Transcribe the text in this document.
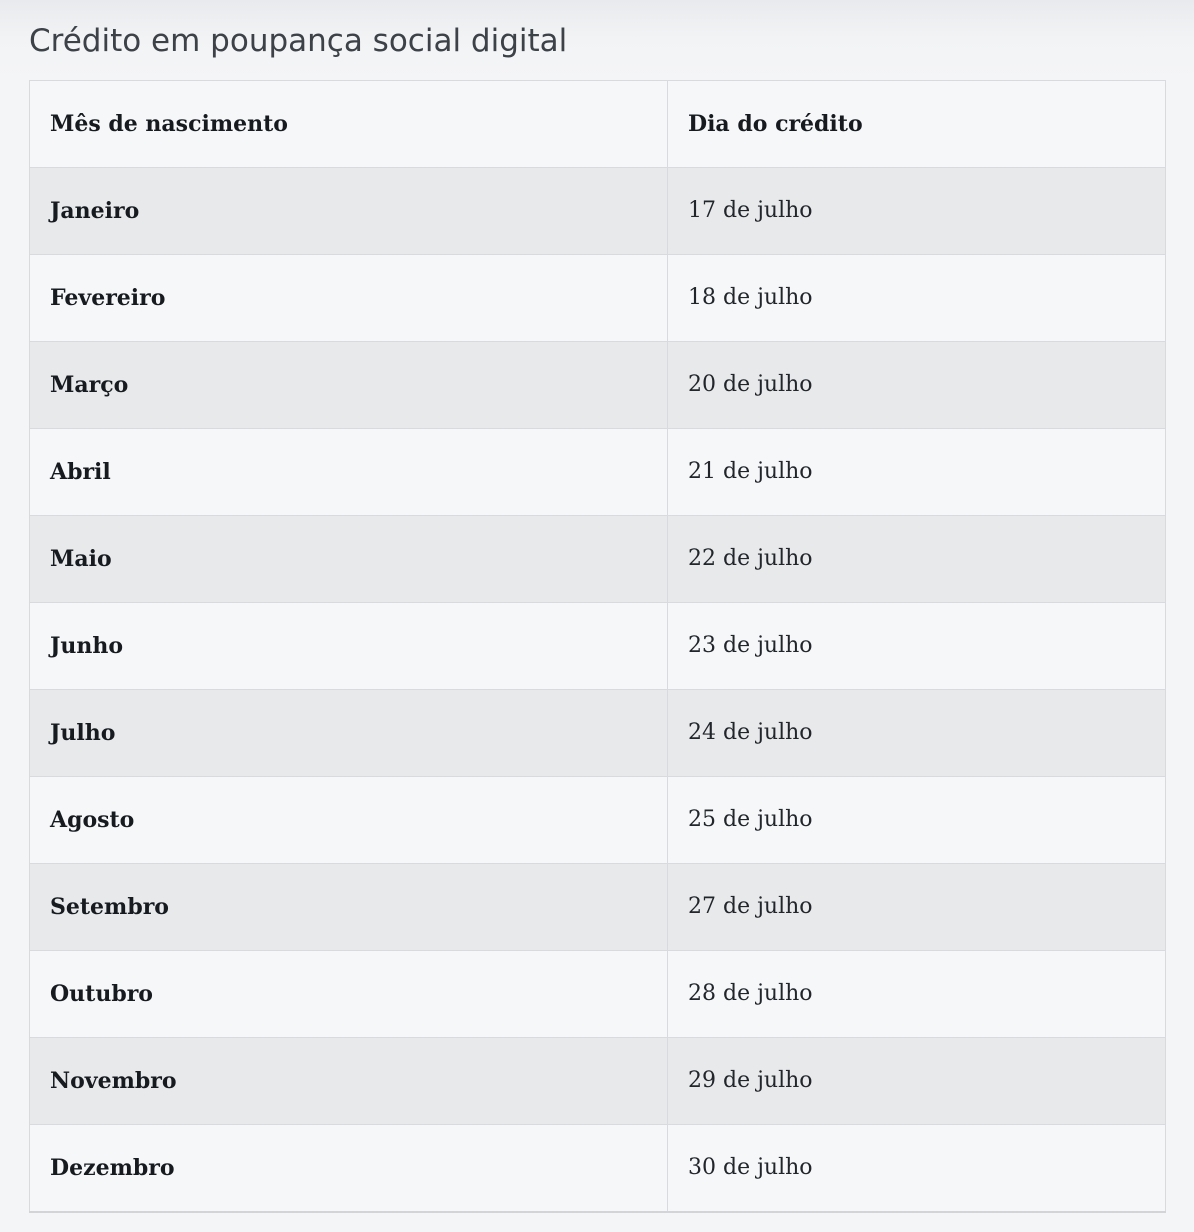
Crédito em poupança social digital
Mês de nascimento	Dia do crédito
Janeiro	17 de julho
Fevereiro	18 de julho
Março	20 de julho
Abril	21 de julho
Maio	22 de julho
Junho	23 de julho
Julho	24 de julho
Agosto	25 de julho
Setembro	27 de julho
Outubro	28 de julho
Novembro	29 de julho
Dezembro	30 de julho
